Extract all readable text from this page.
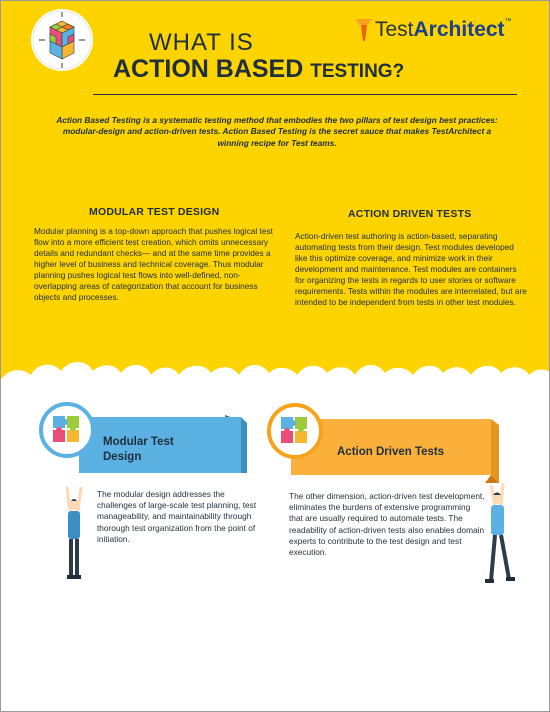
WHAT IS
ACTION BASED TESTING?
TestArchitect™
Action Based Testing is a systematic testing method that embodies the two pillars of test design best practices: modular-design and action-driven tests. Action Based Testing is the secret sauce that makes TestArchitect a winning recipe for Test teams.
MODULAR TEST DESIGN
Modular planning is a top-down approach that pushes logical test flow into a more efficient test creation, which omits unnecessary details and redundant checks— and at the same time provides a higher level of business and technical coverage. Thus modular planning pushes logical test flows into well-defined, non-overlapping areas of categorization that account for business objects and processes.
ACTION DRIVEN TESTS
Action-driven test authoring is action-based, separating automating tests from their design. Test modules developed like this optimize coverage, and minimize work in their development and maintenance. Test modules are containers for organizing the tests in regards to user stories or software requirements. Tests within the modules are interrelated, but are intended to be independent from tests in other test modules.
Modular Test Design
The modular design addresses the challenges of large-scale test planning, test manageability, and maintainability through thorough test organization from the point of initiation.
Action Driven Tests
The other dimension, action-driven test development, eliminates the burdens of extensive programming that are usually required to automate tests. The readability of action-driven tests also enables domain experts to contribute to the test design and test execution.
